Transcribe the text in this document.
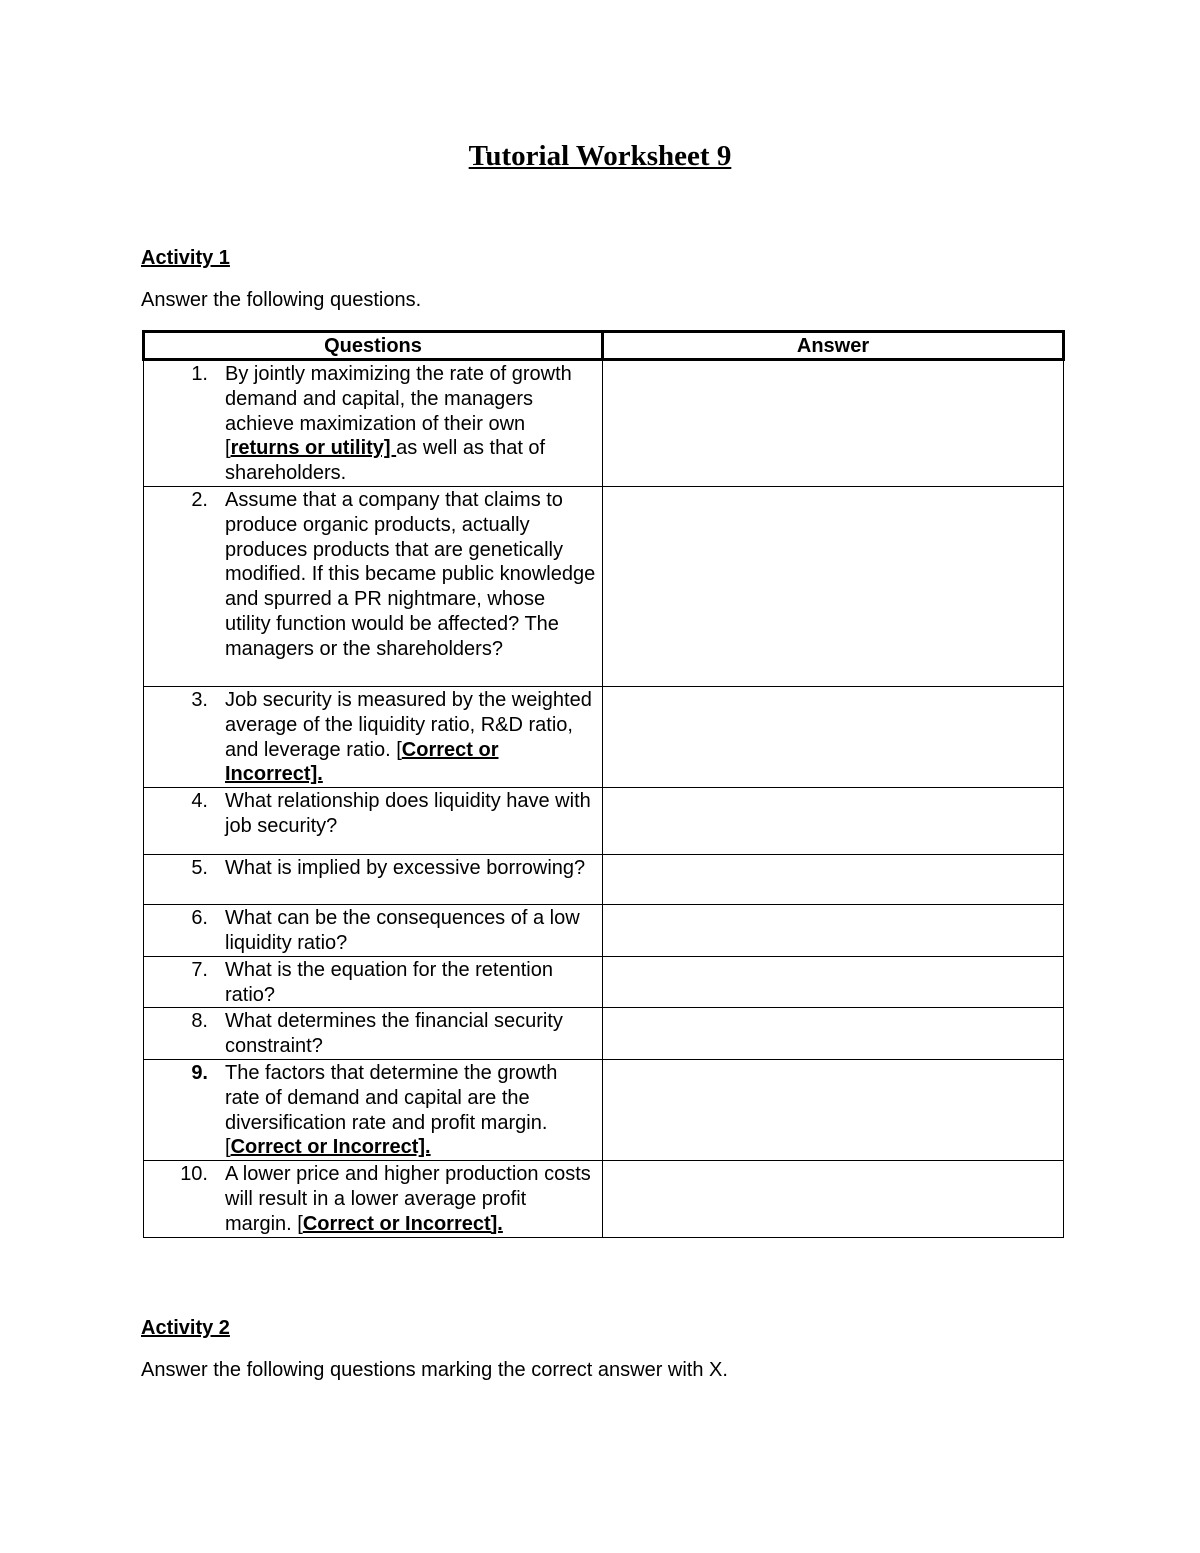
Tutorial Worksheet 9
Activity 1
Answer the following questions.
Questions	Answer

1. By jointly maximizing the rate of growth demand and capital, the managers achieve maximization of their own [returns or utility] as well as that of shareholders.	

2. Assume that a company that claims to produce organic products, actually produces products that are genetically modified. If this became public knowledge and spurred a PR nightmare, whose utility function would be affected? The managers or the shareholders?	

3. Job security is measured by the weighted average of the liquidity ratio, R&D ratio, and leverage ratio. [Correct or Incorrect].	

4. What relationship does liquidity have with job security?	

5. What is implied by excessive borrowing?	

6. What can be the consequences of a low liquidity ratio?	

7. What is the equation for the retention ratio?	

8. What determines the financial security constraint?	

9. The factors that determine the growth rate of demand and capital are the diversification rate and profit margin. [Correct or Incorrect].	

10. A lower price and higher production costs will result in a lower average profit margin. [Correct or Incorrect].	

Activity 2
Answer the following questions marking the correct answer with X.
